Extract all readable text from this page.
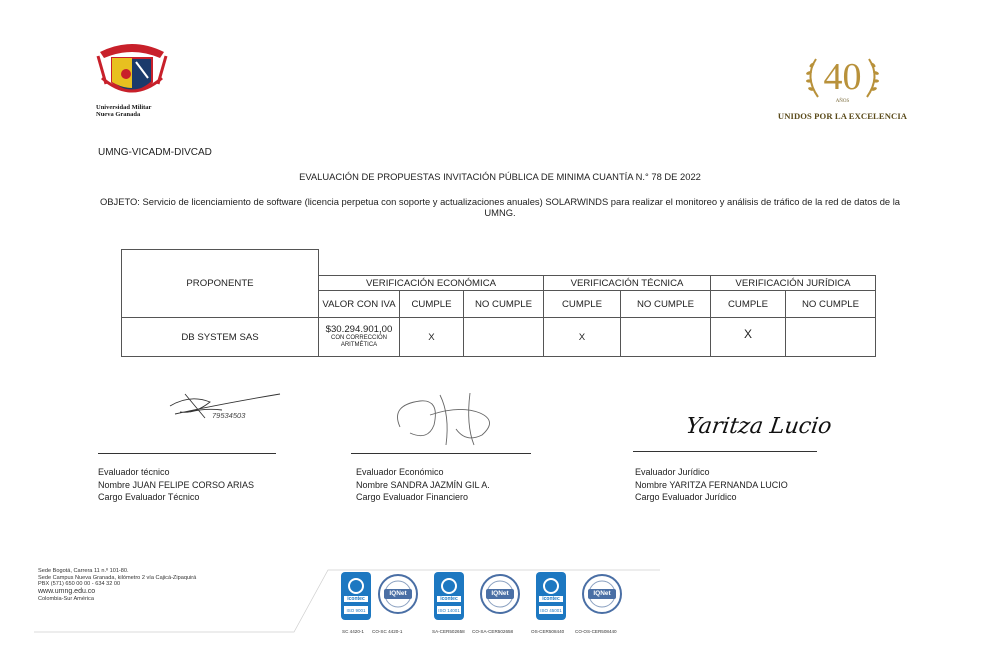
Universidad Militar
Nueva Granada
40
AÑOS
UNIDOS POR LA EXCELENCIA
UMNG-VICADM-DIVCAD
EVALUACIÓN DE PROPUESTAS INVITACIÓN PÚBLICA DE MINIMA CUANTÍA N.° 78 DE 2022
OBJETO: Servicio de licenciamiento de software (licencia perpetua con soporte y actualizaciones anuales) SOLARWINDS para realizar el monitoreo y análisis de tráfico de la red de datos de la UMNG.
PROPONENTE							
	VERIFICACIÓN ECONÓMICA			VERIFICACIÓN TÉCNICA		VERIFICACIÓN JURÍDICA	
	VALOR CON IVA	CUMPLE	NO CUMPLE	CUMPLE	NO CUMPLE	CUMPLE	NO CUMPLE
DB SYSTEM SAS	$30.294.901,00
CON CORRECCIÓN ARITMÉTICA	X		X		X	
79534503	Yaritza Lucio
Evaluador técnico
Nombre JUAN FELIPE CORSO ARIAS
Cargo Evaluador Técnico
Evaluador Económico
Nombre SANDRA JAZMÍN GIL A.
Cargo Evaluador Financiero
Evaluador Jurídico
Nombre YARITZA FERNANDA LUCIO
Cargo Evaluador Jurídico
Sede Bogotá, Carrera 11 n.º 101-80.
Sede Campus Nueva Granada, kilómetro 2 vía Cajicá-Zipaquirá
PBX (571) 650 00 00 - 634 32 00
www.umng.edu.co
Colombia-Sur América	icontec
ISO 9001
IQNet
icontec
ISO 14001
IQNet
icontec
ISO 45001
IQNet
SC 4420-1 CO-SC 4420-1	SA-CER502658 CO-SA-CER502658	OS-CER508440 CO-OS-CER508440
